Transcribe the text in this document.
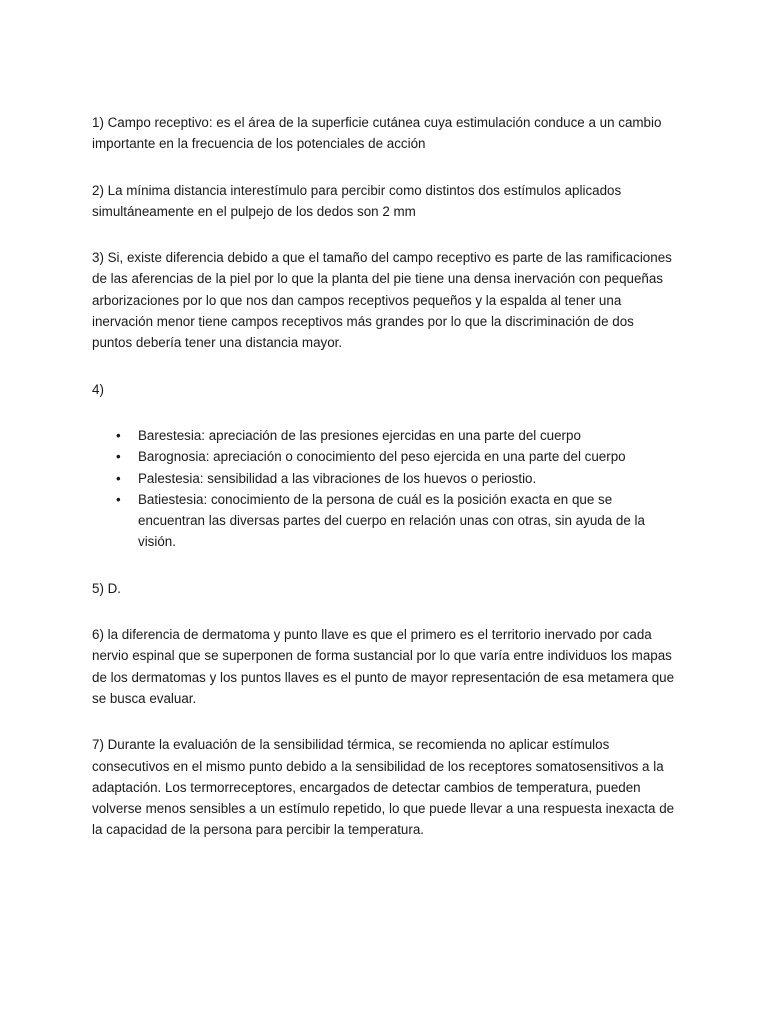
1) Campo receptivo: es el área de la superficie cutánea cuya estimulación conduce a un cambio importante en la frecuencia de los potenciales de acción

2) La mínima distancia interestímulo para percibir como distintos dos estímulos aplicados simultáneamente en el pulpejo de los dedos son 2 mm

3) Si, existe diferencia debido a que el tamaño del campo receptivo es parte de las ramificaciones de las aferencias de la piel por lo que la planta del pie tiene una densa inervación con pequeñas arborizaciones por lo que nos dan campos receptivos pequeños y la espalda al tener una inervación menor tiene campos receptivos más grandes por lo que la discriminación de dos puntos debería tener una distancia mayor.

4)

• Barestesia: apreciación de las presiones ejercidas en una parte del cuerpo
• Barognosia: apreciación o conocimiento del peso ejercida en una parte del cuerpo
• Palestesia: sensibilidad a las vibraciones de los huevos o periostio.
• Batiestesia: conocimiento de la persona de cuál es la posición exacta en que se encuentran las diversas partes del cuerpo en relación unas con otras, sin ayuda de la visión.

5) D.

6) la diferencia de dermatoma y punto llave es que el primero es el territorio inervado por cada nervio espinal que se superponen de forma sustancial por lo que varía entre individuos los mapas de los dermatomas y los puntos llaves es el punto de mayor representación de esa metamera que se busca evaluar.

7) Durante la evaluación de la sensibilidad térmica, se recomienda no aplicar estímulos consecutivos en el mismo punto debido a la sensibilidad de los receptores somatosensitivos a la adaptación. Los termorreceptores, encargados de detectar cambios de temperatura, pueden volverse menos sensibles a un estímulo repetido, lo que puede llevar a una respuesta inexacta de la capacidad de la persona para percibir la temperatura.
